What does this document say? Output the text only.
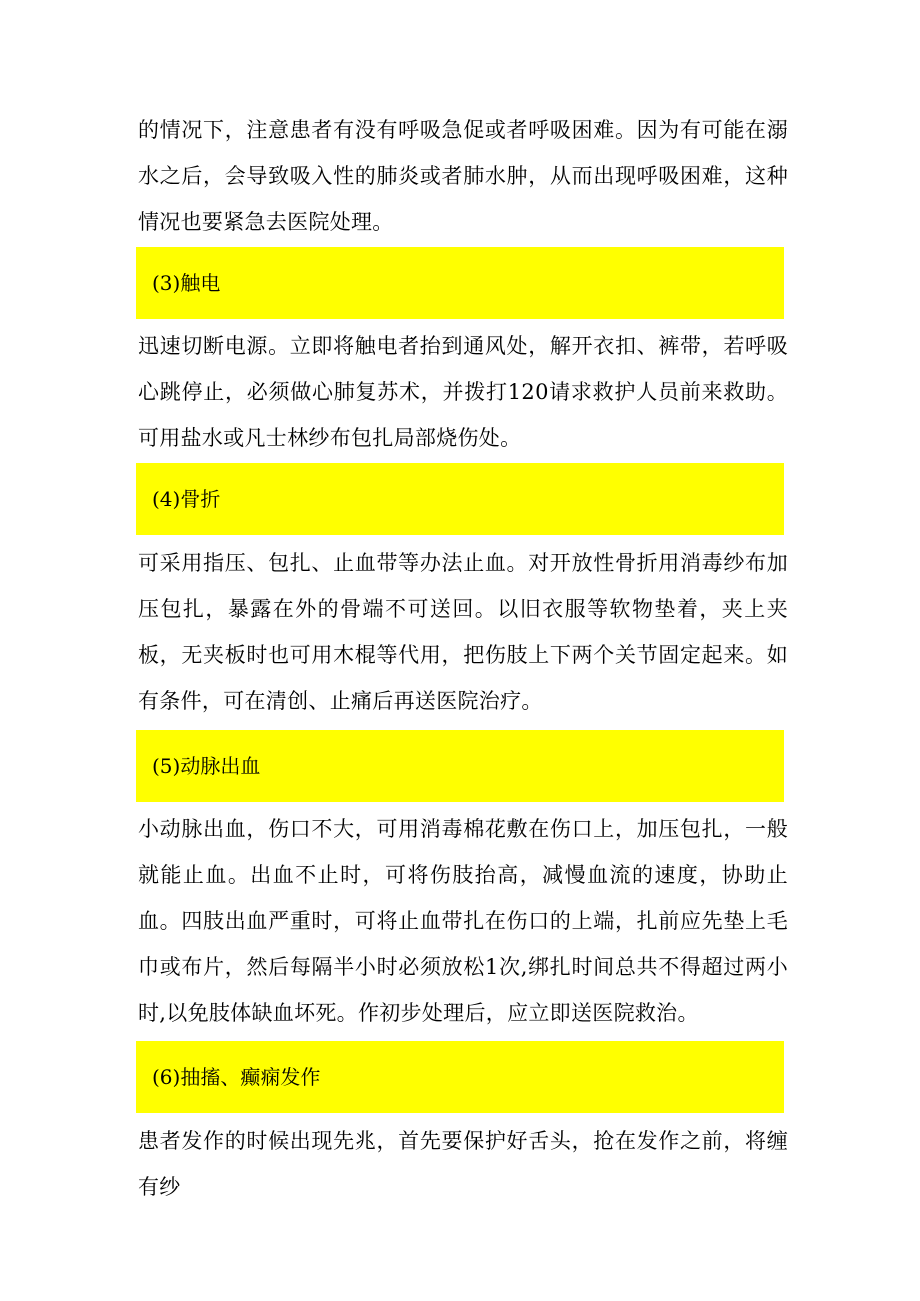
的情况下，注意患者有没有呼吸急促或者呼吸困难。因为有可能在溺水之后，会导致吸入性的肺炎或者肺水肿，从而出现呼吸困难，这种情况也要紧急去医院处理。

(3)触电

迅速切断电源。立即将触电者抬到通风处，解开衣扣、裤带，若呼吸心跳停止，必须做心肺复苏术，并拨打120请求救护人员前来救助。可用盐水或凡士林纱布包扎局部烧伤处。

(4)骨折

可采用指压、包扎、止血带等办法止血。对开放性骨折用消毒纱布加压包扎，暴露在外的骨端不可送回。以旧衣服等软物垫着，夹上夹板，无夹板时也可用木棍等代用，把伤肢上下两个关节固定起来。如有条件，可在清创、止痛后再送医院治疗。

(5)动脉出血

小动脉出血，伤口不大，可用消毒棉花敷在伤口上，加压包扎，一般就能止血。出血不止时，可将伤肢抬高，减慢血流的速度，协助止血。四肢出血严重时，可将止血带扎在伤口的上端，扎前应先垫上毛巾或布片，然后每隔半小时必须放松1次,绑扎时间总共不得超过两小时,以免肢体缺血坏死。作初步处理后，应立即送医院救治。

(6)抽搐、癫痫发作

患者发作的时候出现先兆，首先要保护好舌头，抢在发作之前，将缠有纱
